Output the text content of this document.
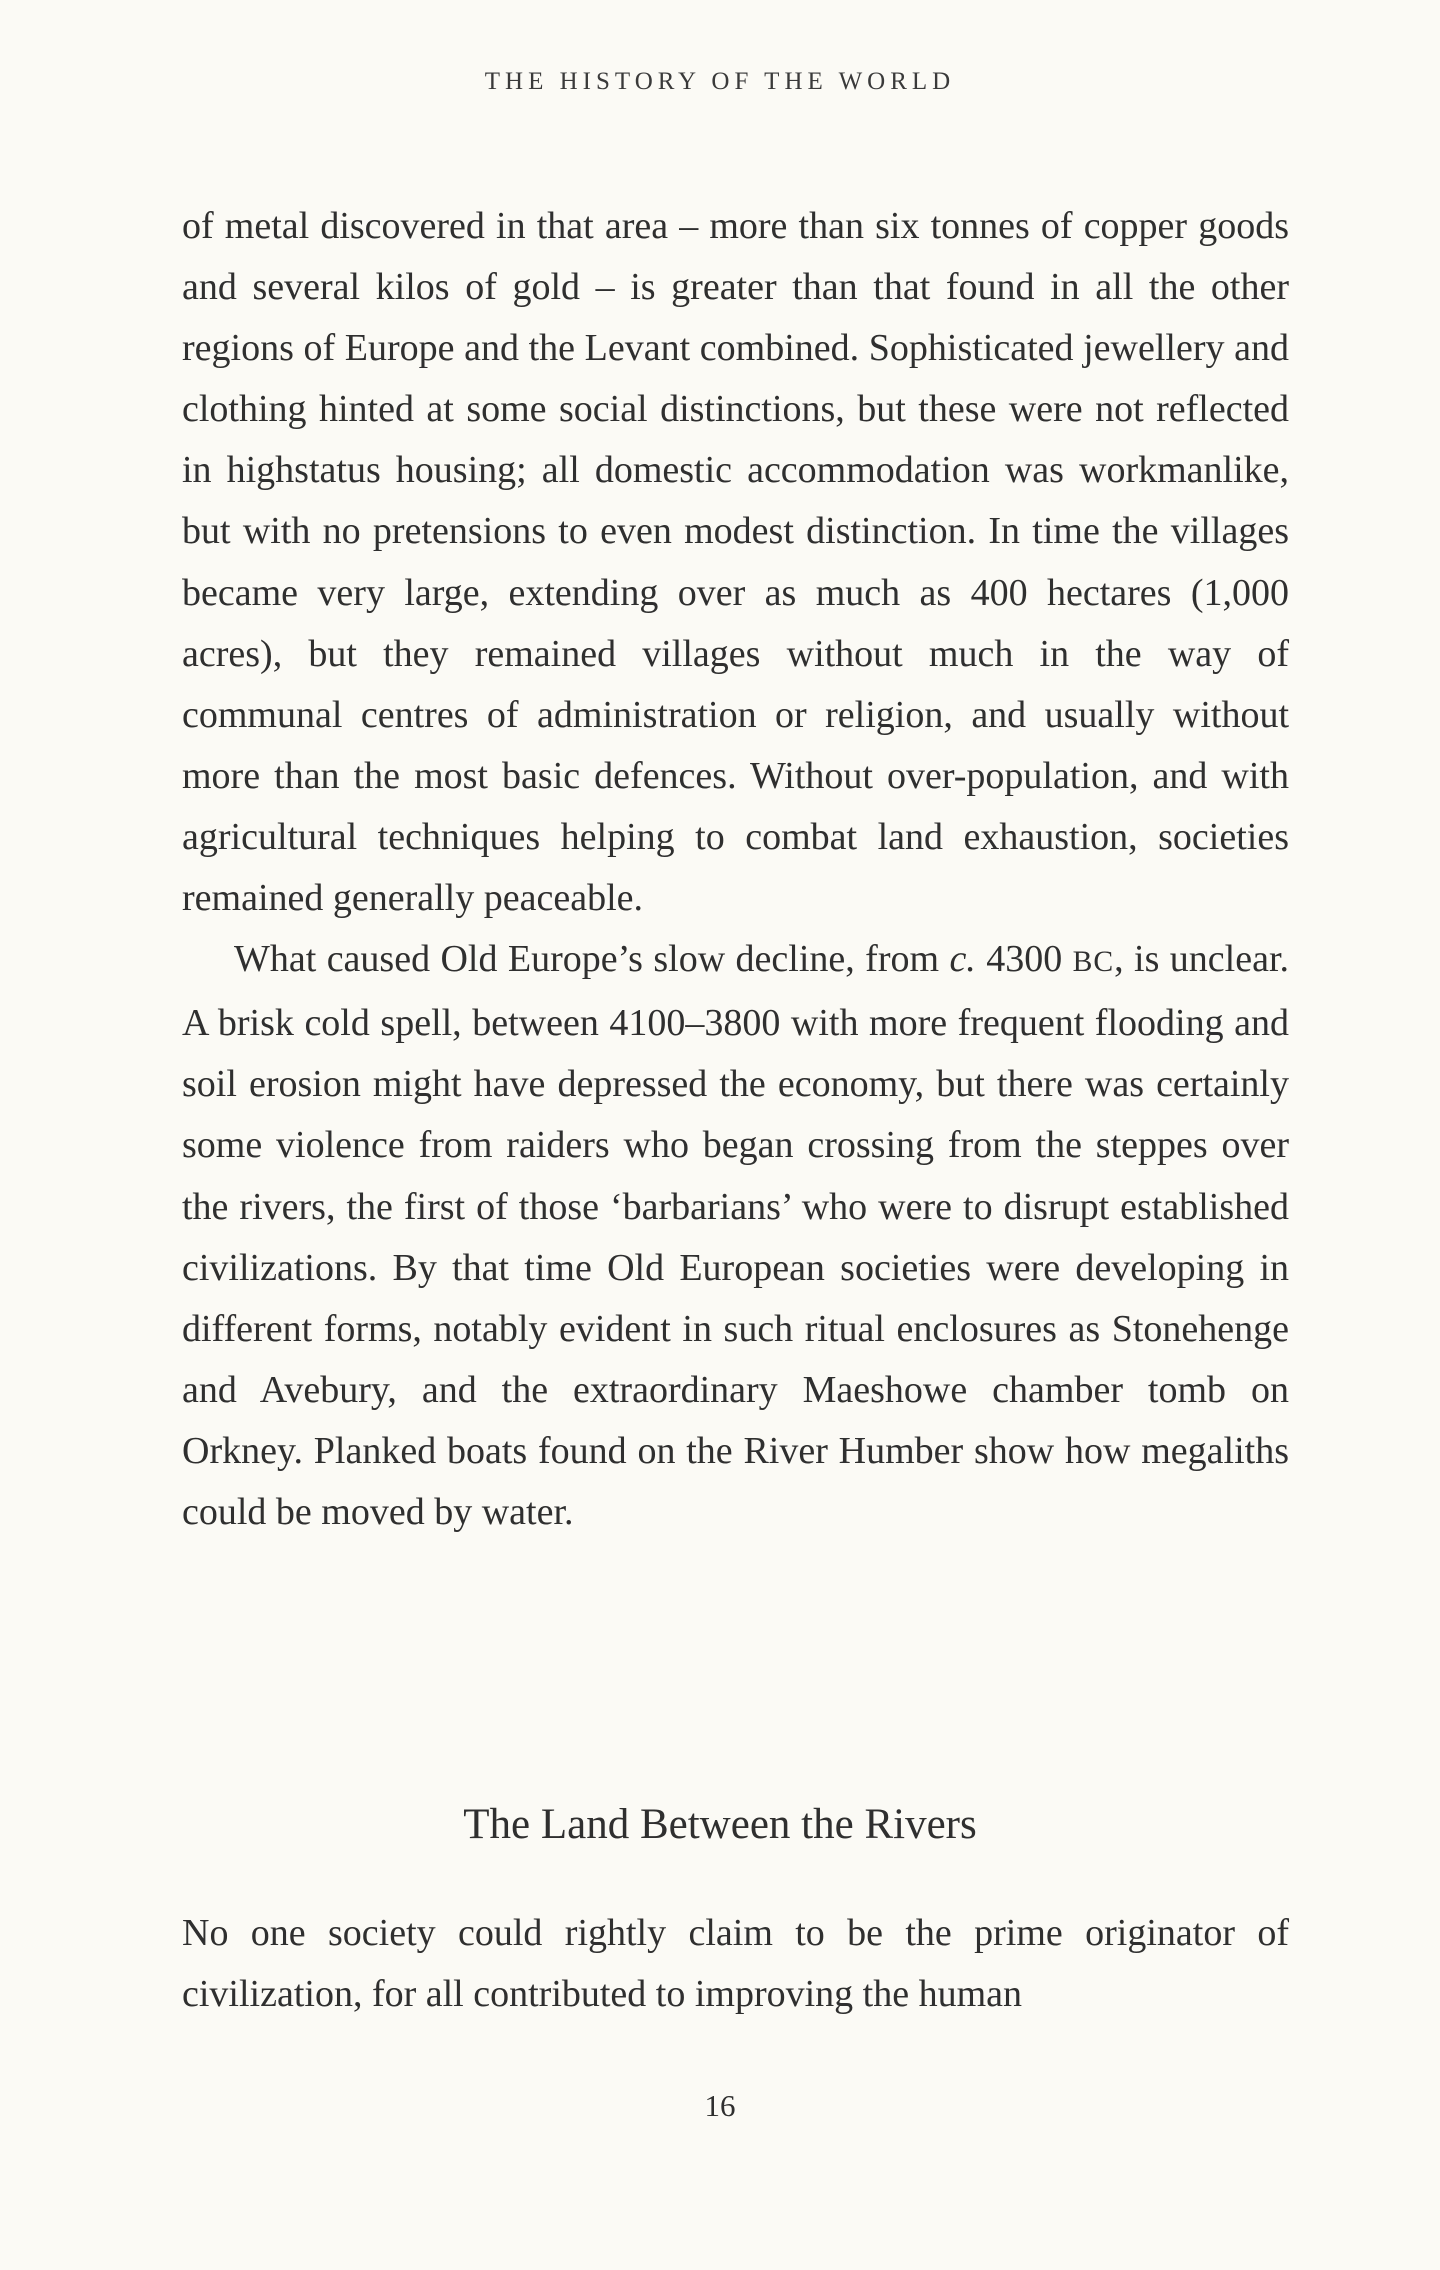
THE HISTORY OF THE WORLD

of metal discovered in that area – more than six tonnes of copper goods and several kilos of gold – is greater than that found in all the other regions of Europe and the Levant combined. Sophisticated jewellery and clothing hinted at some social distinctions, but these were not reflected in highstatus housing; all domestic accommodation was workmanlike, but with no pretensions to even modest distinction. In time the villages became very large, extending over as much as 400 hectares (1,000 acres), but they remained villages without much in the way of communal centres of administration or religion, and usually without more than the most basic defences. Without over-population, and with agricultural techniques helping to combat land exhaustion, societies remained generally peaceable.

What caused Old Europe’s slow decline, from c. 4300 BC, is unclear. A brisk cold spell, between 4100–3800 with more frequent flooding and soil erosion might have depressed the economy, but there was certainly some violence from raiders who began crossing from the steppes over the rivers, the first of those ‘barbarians’ who were to disrupt established civilizations. By that time Old European societies were developing in different forms, notably evident in such ritual enclosures as Stonehenge and Avebury, and the extraordinary Maeshowe chamber tomb on Orkney. Planked boats found on the River Humber show how megaliths could be moved by water.

The Land Between the Rivers

No one society could rightly claim to be the prime originator of civilization, for all contributed to improving the human

16
